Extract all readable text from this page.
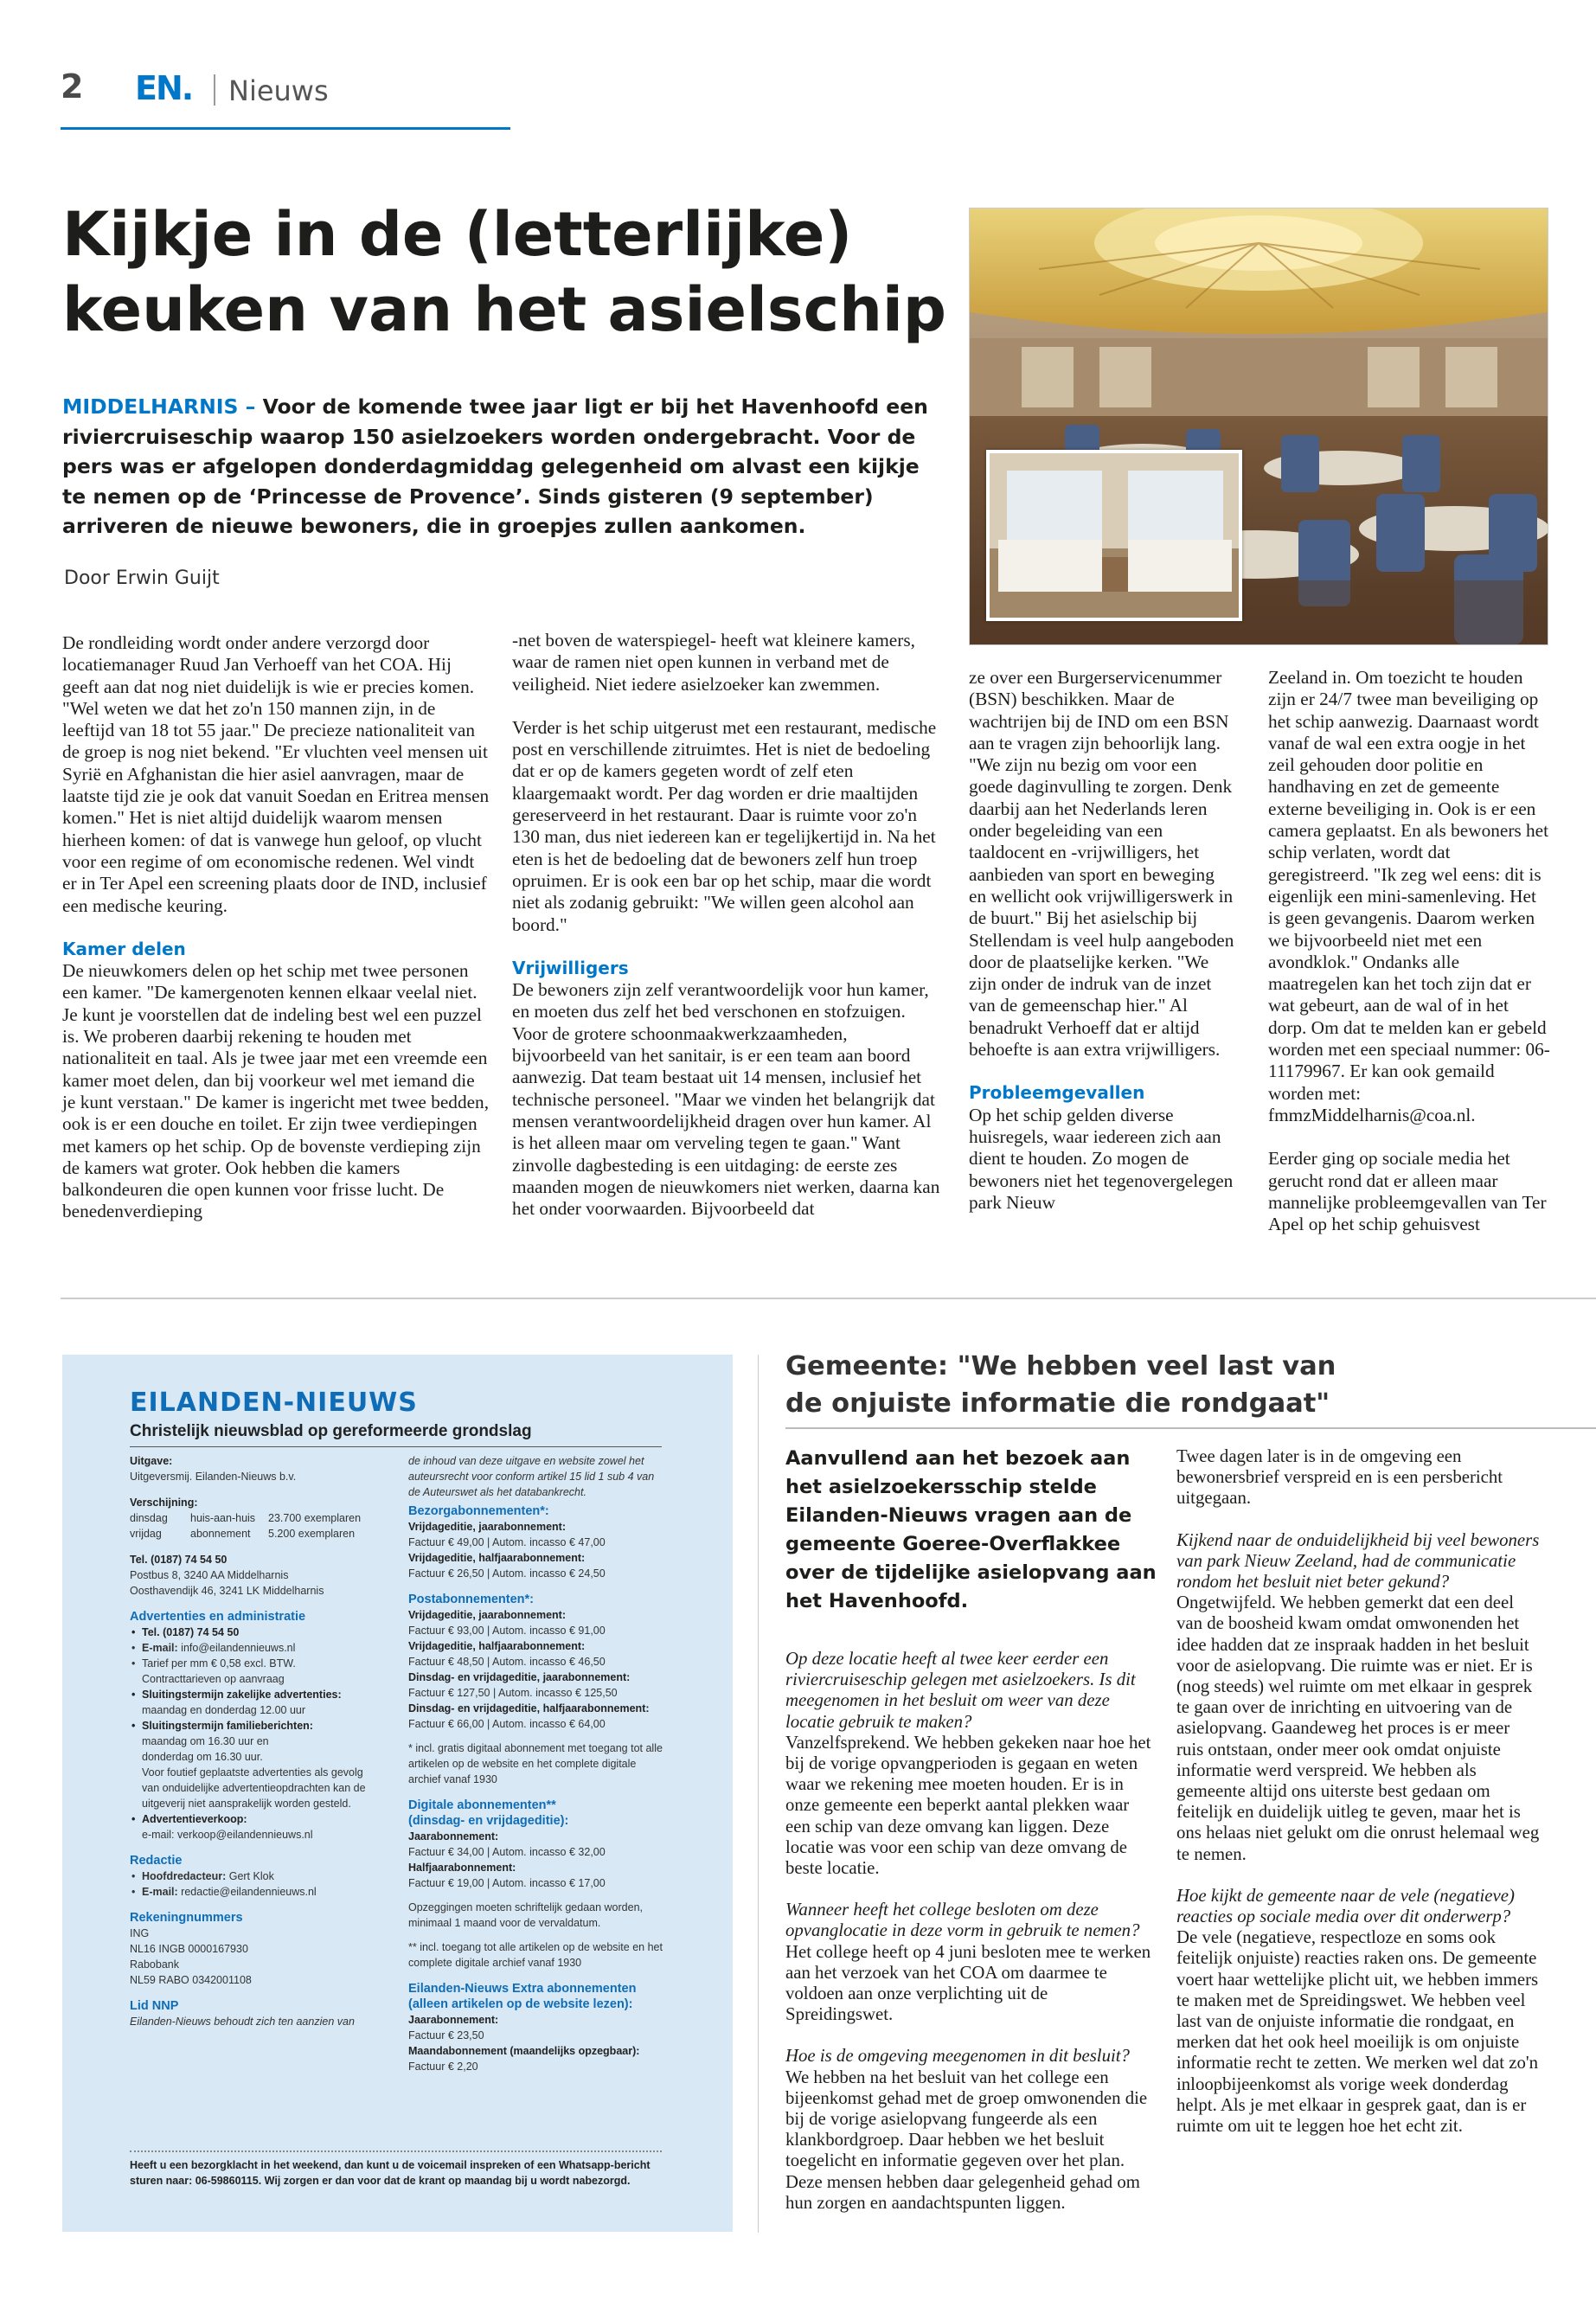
2 EN. Nieuws
Kijkje in de (letterlijke) keuken van het asielschip
MIDDELHARNIS – Voor de komende twee jaar ligt er bij het Havenhoofd een riviercruiseschip waarop 150 asielzoekers worden ondergebracht. Voor de pers was er afgelopen donderdagmiddag gelegenheid om alvast een kijkje te nemen op de ‘Princesse de Provence’. Sinds gisteren (9 september) arriveren de nieuwe bewoners, die in groepjes zullen aankomen.
Door Erwin Guijt

De rondleiding wordt onder andere verzorgd door locatiemanager Ruud Jan Verhoeff van het COA. Hij geeft aan dat nog niet duidelijk is wie er precies komen. "Wel weten we dat het zo'n 150 mannen zijn, in de leeftijd van 18 tot 55 jaar." De precieze nationaliteit van de groep is nog niet bekend. "Er vluchten veel mensen uit Syrië en Afghanistan die hier asiel aanvragen, maar de laatste tijd zie je ook dat vanuit Soedan en Eritrea mensen komen." Het is niet altijd duidelijk waarom mensen hierheen komen: of dat is vanwege hun geloof, op vlucht voor een regime of om economische redenen. Wel vindt er in Ter Apel een screening plaats door de IND, inclusief een medische keuring.

Kamer delen

De nieuwkomers delen op het schip met twee personen een kamer. "De kamergenoten kennen elkaar veelal niet. Je kunt je voorstellen dat de indeling best wel een puzzel is. We proberen daarbij rekening te houden met nationaliteit en taal. Als je twee jaar met een vreemde een kamer moet delen, dan bij voorkeur wel met iemand die je kunt verstaan." De kamer is ingericht met twee bedden, ook is er een douche en toilet. Er zijn twee verdiepingen met kamers op het schip. Op de bovenste verdieping zijn de kamers wat groter. Ook hebben die kamers balkondeuren die open kunnen voor frisse lucht. De benedenverdieping

-net boven de waterspiegel- heeft wat kleinere kamers, waar de ramen niet open kunnen in verband met de veiligheid. Niet iedere asielzoeker kan zwemmen.

Verder is het schip uitgerust met een restaurant, medische post en verschillende zitruimtes. Het is niet de bedoeling dat er op de kamers gegeten wordt of zelf eten klaargemaakt wordt. Per dag worden er drie maaltijden gereserveerd in het restaurant. Daar is ruimte voor zo'n 130 man, dus niet iedereen kan er tegelijkertijd in. Na het eten is het de bedoeling dat de bewoners zelf hun troep opruimen. Er is ook een bar op het schip, maar die wordt niet als zodanig gebruikt: "We willen geen alcohol aan boord."

Vrijwilligers

De bewoners zijn zelf verantwoordelijk voor hun kamer, en moeten dus zelf het bed verschonen en stofzuigen. Voor de grotere schoonmaakwerkzaamheden, bijvoorbeeld van het sanitair, is er een team aan boord aanwezig. Dat team bestaat uit 14 mensen, inclusief het technische personeel. "Maar we vinden het belangrijk dat mensen verantwoordelijkheid dragen over hun kamer. Al is het alleen maar om verveling tegen te gaan." Want zinvolle dagbesteding is een uitdaging: de eerste zes maanden mogen de nieuwkomers niet werken, daarna kan het onder voorwaarden. Bijvoorbeeld dat

ze over een Burgerservicenummer (BSN) beschikken. Maar de wachtrijen bij de IND om een BSN aan te vragen zijn behoorlijk lang. "We zijn nu bezig om voor een goede daginvulling te zorgen. Denk daarbij aan het Nederlands leren onder begeleiding van een taaldocent en -vrijwilligers, het aanbieden van sport en beweging en wellicht ook vrijwilligerswerk in de buurt." Bij het asielschip bij Stellendam is veel hulp aangeboden door de plaatselijke kerken. "We zijn onder de indruk van de inzet van de gemeenschap hier." Al benadrukt Verhoeff dat er altijd behoefte is aan extra vrijwilligers.

Probleemgevallen

Op het schip gelden diverse huisregels, waar iedereen zich aan dient te houden. Zo mogen de bewoners niet het tegenovergelegen park Nieuw

Zeeland in. Om toezicht te houden zijn er 24/7 twee man beveiliging op het schip aanwezig. Daarnaast wordt vanaf de wal een extra oogje in het zeil gehouden door politie en handhaving en zet de gemeente externe beveiliging in. Ook is er een camera geplaatst. En als bewoners het schip verlaten, wordt dat geregistreerd. "Ik zeg wel eens: dit is eigenlijk een mini-samenleving. Het is geen gevangenis. Daarom werken we bijvoorbeeld niet met een avondklok." Ondanks alle maatregelen kan het toch zijn dat er wat gebeurt, aan de wal of in het dorp. Om dat te melden kan er gebeld worden met een speciaal nummer: 06-11179967. Er kan ook gemaild worden met: fmmzMiddelharnis@coa.nl.

Eerder ging op sociale media het gerucht rond dat er alleen maar mannelijke probleemgevallen van Ter Apel op het schip gehuisvest

EILANDEN-NIEUWS
Christelijk nieuwsblad op gereformeerde grondslag
Uitgave:
Uitgeversmij. Eilanden-Nieuws b.v.
Verschijning:
dinsdag	huis-aan-huis	23.700 exemplaren
vrijdag	abonnement	5.200 exemplaren
Tel. (0187) 74 54 50
Postbus 8, 3240 AA Middelharnis
Oosthavendijk 46, 3241 LK Middelharnis
Advertenties en administratie
• Tel. (0187) 74 54 50
• E-mail: info@eilandennieuws.nl
• Tarief per mm € 0,58 excl. BTW.
Contracttarieven op aanvraag
• Sluitingstermijn zakelijke advertenties:
maandag en donderdag 12.00 uur
• Sluitingstermijn familieberichten:
maandag om 16.30 uur en
donderdag om 16.30 uur.
Voor foutief geplaatste advertenties als gevolg van onduidelijke advertentieopdrachten kan de uitgeverij niet aansprakelijk worden gesteld.
• Advertentieverkoop:
e-mail: verkoop@eilandennieuws.nl
Redactie
• Hoofdredacteur: Gert Klok
• E-mail: redactie@eilandennieuws.nl
Rekeningnummers
ING
NL16 INGB 0000167930
Rabobank
NL59 RABO 0342001108
Lid NNP
Eilanden-Nieuws behoudt zich ten aanzien van
de inhoud van deze uitgave en website zowel het auteursrecht voor conform artikel 15 lid 1 sub 4 van de Auteurswet als het databankrecht.
Bezorgabonnementen*:
Vrijdageditie, jaarabonnement:
Factuur € 49,00 | Autom. incasso € 47,00
Vrijdageditie, halfjaarabonnement:
Factuur € 26,50 | Autom. incasso € 24,50
Postabonnementen*:
Vrijdageditie, jaarabonnement:
Factuur € 93,00 | Autom. incasso € 91,00
Vrijdageditie, halfjaarabonnement:
Factuur € 48,50 | Autom. incasso € 46,50
Dinsdag- en vrijdageditie, jaarabonnement:
Factuur € 127,50 | Autom. incasso € 125,50
Dinsdag- en vrijdageditie, halfjaarabonnement:
Factuur € 66,00 | Autom. incasso € 64,00
* incl. gratis digitaal abonnement met toegang tot alle artikelen op de website en het complete digitale archief vanaf 1930
Digitale abonnementen**
(dinsdag- en vrijdageditie):
Jaarabonnement:
Factuur € 34,00 | Autom. incasso € 32,00
Halfjaarabonnement:
Factuur € 19,00 | Autom. incasso € 17,00
Opzeggingen moeten schriftelijk gedaan worden, minimaal 1 maand voor de vervaldatum.
** incl. toegang tot alle artikelen op de website en het complete digitale archief vanaf 1930
Eilanden-Nieuws Extra abonnementen
(alleen artikelen op de website lezen):
Jaarabonnement:
Factuur € 23,50
Maandabonnement (maandelijks opzegbaar):
Factuur € 2,20
Heeft u een bezorgklacht in het weekend, dan kunt u de voicemail inspreken of een Whatsapp-bericht sturen naar: 06-59860115. Wij zorgen er dan voor dat de krant op maandag bij u wordt nabezorgd.
Gemeente: "We hebben veel last van de onjuiste informatie die rondgaat"
Aanvullend aan het bezoek aan het asielzoekersschip stelde Eilanden-Nieuws vragen aan de gemeente Goeree-Overflakkee over de tijdelijke asielopvang aan het Havenhoofd.

Op deze locatie heeft al twee keer eerder een riviercruiseschip gelegen met asielzoekers. Is dit meegenomen in het besluit om weer van deze locatie gebruik te maken?
Vanzelfsprekend. We hebben gekeken naar hoe het bij de vorige opvangperioden is gegaan en weten waar we rekening mee moeten houden. Er is in onze gemeente een beperkt aantal plekken waar een schip van deze omvang kan liggen. Deze locatie was voor een schip van deze omvang de beste locatie.

Wanneer heeft het college besloten om deze opvanglocatie in deze vorm in gebruik te nemen?
Het college heeft op 4 juni besloten mee te werken aan het verzoek van het COA om daarmee te voldoen aan onze verplichting uit de Spreidingswet.

Hoe is de omgeving meegenomen in dit besluit?
We hebben na het besluit van het college een bijeenkomst gehad met de groep omwonenden die bij de vorige asielopvang fungeerde als een klankbordgroep. Daar hebben we het besluit toegelicht en informatie gegeven over het plan. Deze mensen hebben daar gelegenheid gehad om hun zorgen en aandachtspunten liggen.

Twee dagen later is in de omgeving een bewonersbrief verspreid en is een persbericht uitgegaan.

Kijkend naar de onduidelijkheid bij veel bewoners van park Nieuw Zeeland, had de communicatie rondom het besluit niet beter gekund?
Ongetwijfeld. We hebben gemerkt dat een deel van de boosheid kwam omdat omwonenden het idee hadden dat ze inspraak hadden in het besluit voor de asielopvang. Die ruimte was er niet. Er is (nog steeds) wel ruimte om met elkaar in gesprek te gaan over de inrichting en uitvoering van de asielopvang. Gaandeweg het proces is er meer ruis ontstaan, onder meer ook omdat onjuiste informatie werd verspreid. We hebben als gemeente altijd ons uiterste best gedaan om feitelijk en duidelijk uitleg te geven, maar het is ons helaas niet gelukt om die onrust helemaal weg te nemen.

Hoe kijkt de gemeente naar de vele (negatieve) reacties op sociale media over dit onderwerp?
De vele (negatieve, respectloze en soms ook feitelijk onjuiste) reacties raken ons. De gemeente voert haar wettelijke plicht uit, we hebben immers te maken met de Spreidingswet. We hebben veel last van de onjuiste informatie die rondgaat, en merken dat het ook heel moeilijk is om onjuiste informatie recht te zetten. We merken wel dat zo'n inloopbijeenkomst als vorige week donderdag helpt. Als je met elkaar in gesprek gaat, dan is er ruimte om uit te leggen hoe het echt zit.
